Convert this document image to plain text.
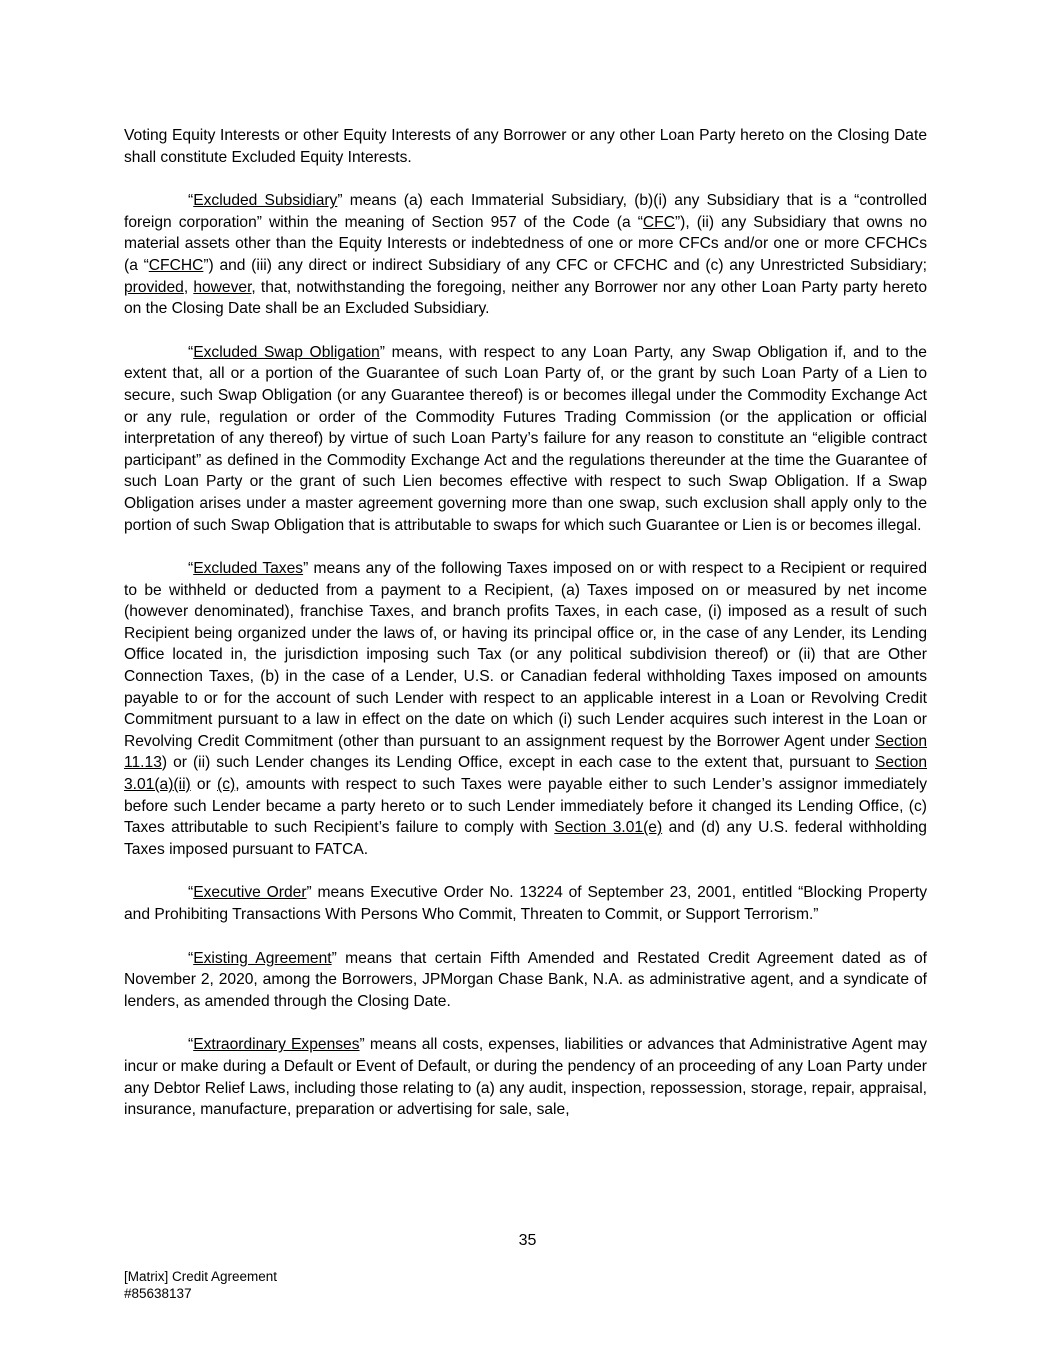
Voting Equity Interests or other Equity Interests of any Borrower or any other Loan Party hereto on the Closing Date shall constitute Excluded Equity Interests.

“Excluded Subsidiary” means (a) each Immaterial Subsidiary, (b)(i) any Subsidiary that is a “controlled foreign corporation” within the meaning of Section 957 of the Code (a “CFC”), (ii) any Subsidiary that owns no material assets other than the Equity Interests or indebtedness of one or more CFCs and/or one or more CFCHCs (a “CFCHC”) and (iii) any direct or indirect Subsidiary of any CFC or CFCHC and (c) any Unrestricted Subsidiary; provided, however, that, notwithstanding the foregoing, neither any Borrower nor any other Loan Party party hereto on the Closing Date shall be an Excluded Subsidiary.

“Excluded Swap Obligation” means, with respect to any Loan Party, any Swap Obligation if, and to the extent that, all or a portion of the Guarantee of such Loan Party of, or the grant by such Loan Party of a Lien to secure, such Swap Obligation (or any Guarantee thereof) is or becomes illegal under the Commodity Exchange Act or any rule, regulation or order of the Commodity Futures Trading Commission (or the application or official interpretation of any thereof) by virtue of such Loan Party’s failure for any reason to constitute an “eligible contract participant” as defined in the Commodity Exchange Act and the regulations thereunder at the time the Guarantee of such Loan Party or the grant of such Lien becomes effective with respect to such Swap Obligation. If a Swap Obligation arises under a master agreement governing more than one swap, such exclusion shall apply only to the portion of such Swap Obligation that is attributable to swaps for which such Guarantee or Lien is or becomes illegal.

“Excluded Taxes” means any of the following Taxes imposed on or with respect to a Recipient or required to be withheld or deducted from a payment to a Recipient, (a) Taxes imposed on or measured by net income (however denominated), franchise Taxes, and branch profits Taxes, in each case, (i) imposed as a result of such Recipient being organized under the laws of, or having its principal office or, in the case of any Lender, its Lending Office located in, the jurisdiction imposing such Tax (or any political subdivision thereof) or (ii) that are Other Connection Taxes, (b) in the case of a Lender, U.S. or Canadian federal withholding Taxes imposed on amounts payable to or for the account of such Lender with respect to an applicable interest in a Loan or Revolving Credit Commitment pursuant to a law in effect on the date on which (i) such Lender acquires such interest in the Loan or Revolving Credit Commitment (other than pursuant to an assignment request by the Borrower Agent under Section 11.13) or (ii) such Lender changes its Lending Office, except in each case to the extent that, pursuant to Section 3.01(a)(ii) or (c), amounts with respect to such Taxes were payable either to such Lender’s assignor immediately before such Lender became a party hereto or to such Lender immediately before it changed its Lending Office, (c) Taxes attributable to such Recipient’s failure to comply with Section 3.01(e) and (d) any U.S. federal withholding Taxes imposed pursuant to FATCA.

“Executive Order” means Executive Order No. 13224 of September 23, 2001, entitled “Blocking Property and Prohibiting Transactions With Persons Who Commit, Threaten to Commit, or Support Terrorism.”

“Existing Agreement” means that certain Fifth Amended and Restated Credit Agreement dated as of November 2, 2020, among the Borrowers, JPMorgan Chase Bank, N.A. as administrative agent, and a syndicate of lenders, as amended through the Closing Date.

“Extraordinary Expenses” means all costs, expenses, liabilities or advances that Administrative Agent may incur or make during a Default or Event of Default, or during the pendency of an proceeding of any Loan Party under any Debtor Relief Laws, including those relating to (a) any audit, inspection, repossession, storage, repair, appraisal, insurance, manufacture, preparation or advertising for sale, sale,

35
[Matrix] Credit Agreement
#85638137
